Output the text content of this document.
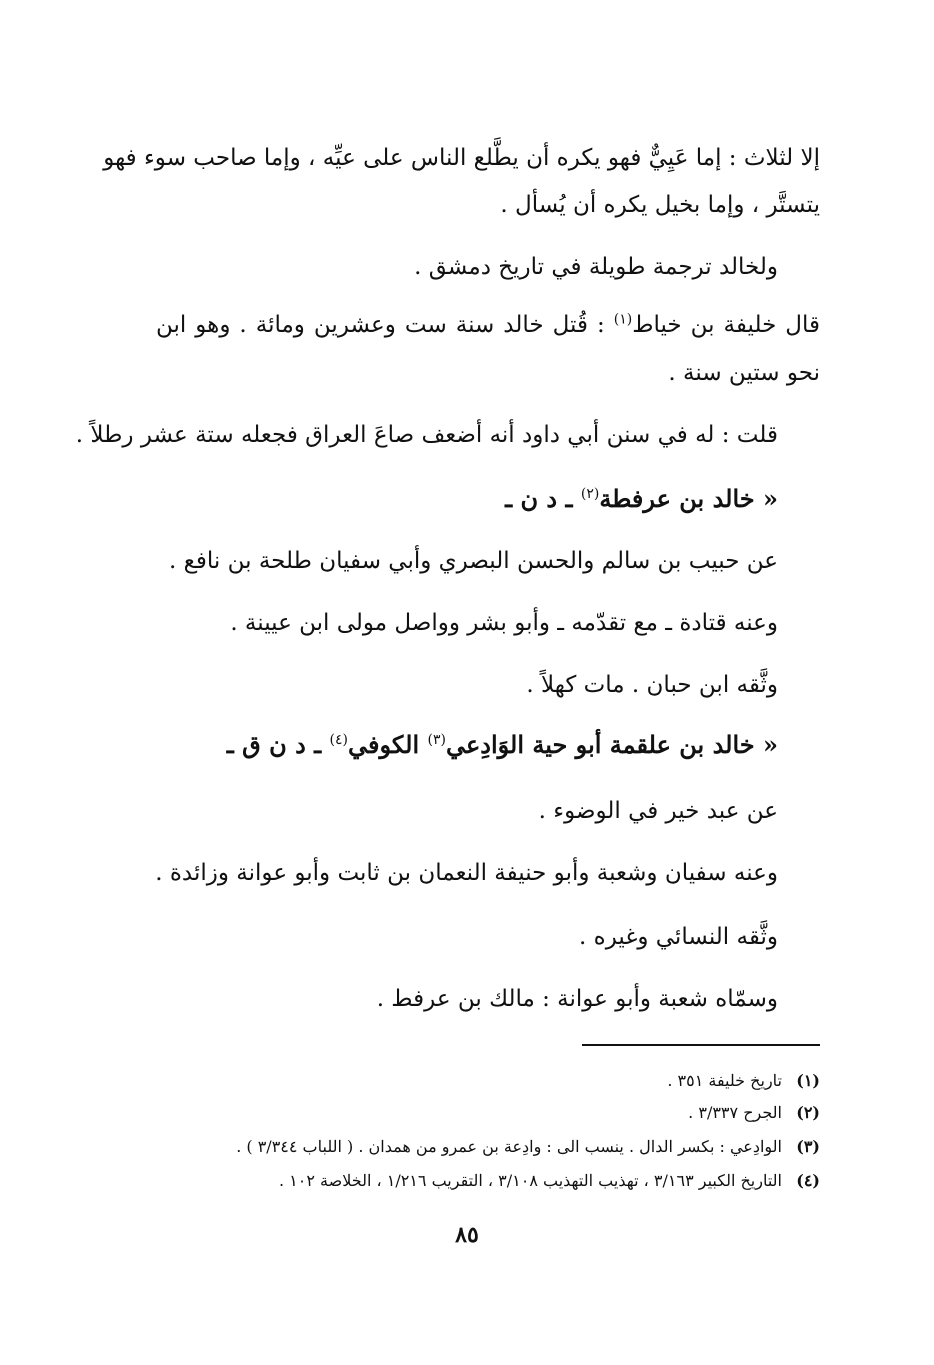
إلا لثلاث : إما عَيِيٌّ فهو يكره أن يطَّلع الناس على عيِّه ، وإما صاحب سوء فهو
يتستَّر ، وإما بخيل يكره أن يُسأل .
ولخالد ترجمة طويلة في تاريخ دمشق .
قال خليفة بن خياط$^{(١)}$ : قُتل خالد سنة ست وعشرين ومائة . وهو ابن
نحو ستين سنة .
قلت : له في سنن أبي داود أنه أضعف صاعَ العراق فجعله ستة عشر رطلاً .
« خالد بن عرفطة$^{(٢)}$ ـ د ن ـ
عن حبيب بن سالم والحسن البصري وأبي سفيان طلحة بن نافع .
وعنه قتادة ـ مع تقدّمه ـ وأبو بشر وواصل مولى ابن عيينة .
وثَّقه ابن حبان . مات كهلاً .
« خالد بن علقمة أبو حية الوَادِعي$^{(٣)}$ الكوفي$^{(٤)}$ ـ د ن ق ـ
عن عبد خير في الوضوء .
وعنه سفيان وشعبة وأبو حنيفة النعمان بن ثابت وأبو عوانة وزائدة .
وثَّقه النسائي وغيره .
وسمّاه شعبة وأبو عوانة : مالك بن عرفط .
(١)تاريخ خليفة ٣٥١ .
(٢)الجرح ٣/٣٣٧ .
(٣)الوادِعي : بكسر الدال . ينسب الى : وادِعة بن عمرو من همدان . ( اللباب ٣/٣٤٤ ) .
(٤)التاريخ الكبير ٣/١٦٣ ، تهذيب التهذيب ٣/١٠٨ ، التقريب ١/٢١٦ ، الخلاصة ١٠٢ .
٨٥
